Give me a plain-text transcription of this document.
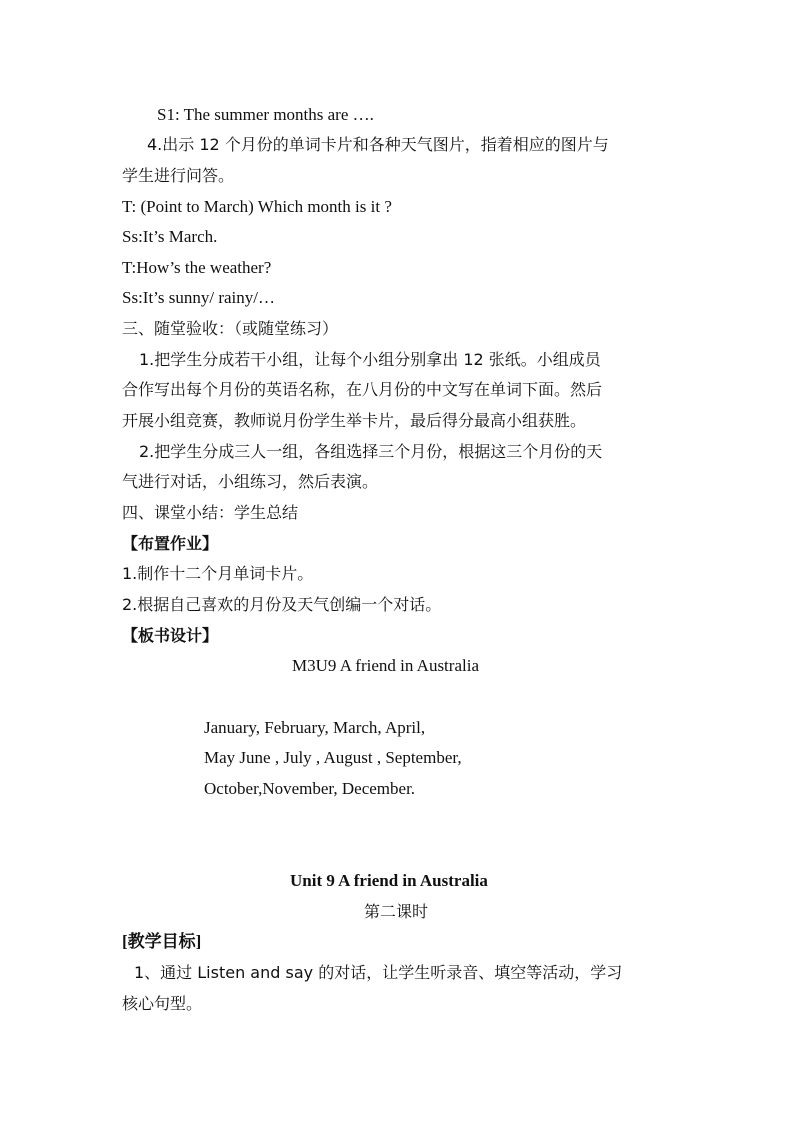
S1: The summer months are ….
4.出示 12 个月份的单词卡片和各种天气图片，指着相应的图片与
学生进行问答。
T: (Point to March) Which month is it ?
Ss:It’s March.
T:How’s the weather?
Ss:It’s sunny/ rainy/…
三、随堂验收：（或随堂练习）
1.把学生分成若干小组，让每个小组分别拿出 12 张纸。小组成员
合作写出每个月份的英语名称，在八月份的中文写在单词下面。然后
开展小组竞赛，教师说月份学生举卡片，最后得分最高小组获胜。
2.把学生分成三人一组，各组选择三个月份，根据这三个月份的天
气进行对话，小组练习，然后表演。
四、课堂小结：学生总结
【布置作业】
1.制作十二个月单词卡片。
2.根据自己喜欢的月份及天气创编一个对话。
【板书设计】
M3U9 A friend in Australia
January, February, March, April,
May June , July , August , September,
October,November, December.
Unit 9 A friend in Australia
第二课时
[教学目标]
1、通过 Listen and say 的对话，让学生听录音、填空等活动，学习
核心句型。
